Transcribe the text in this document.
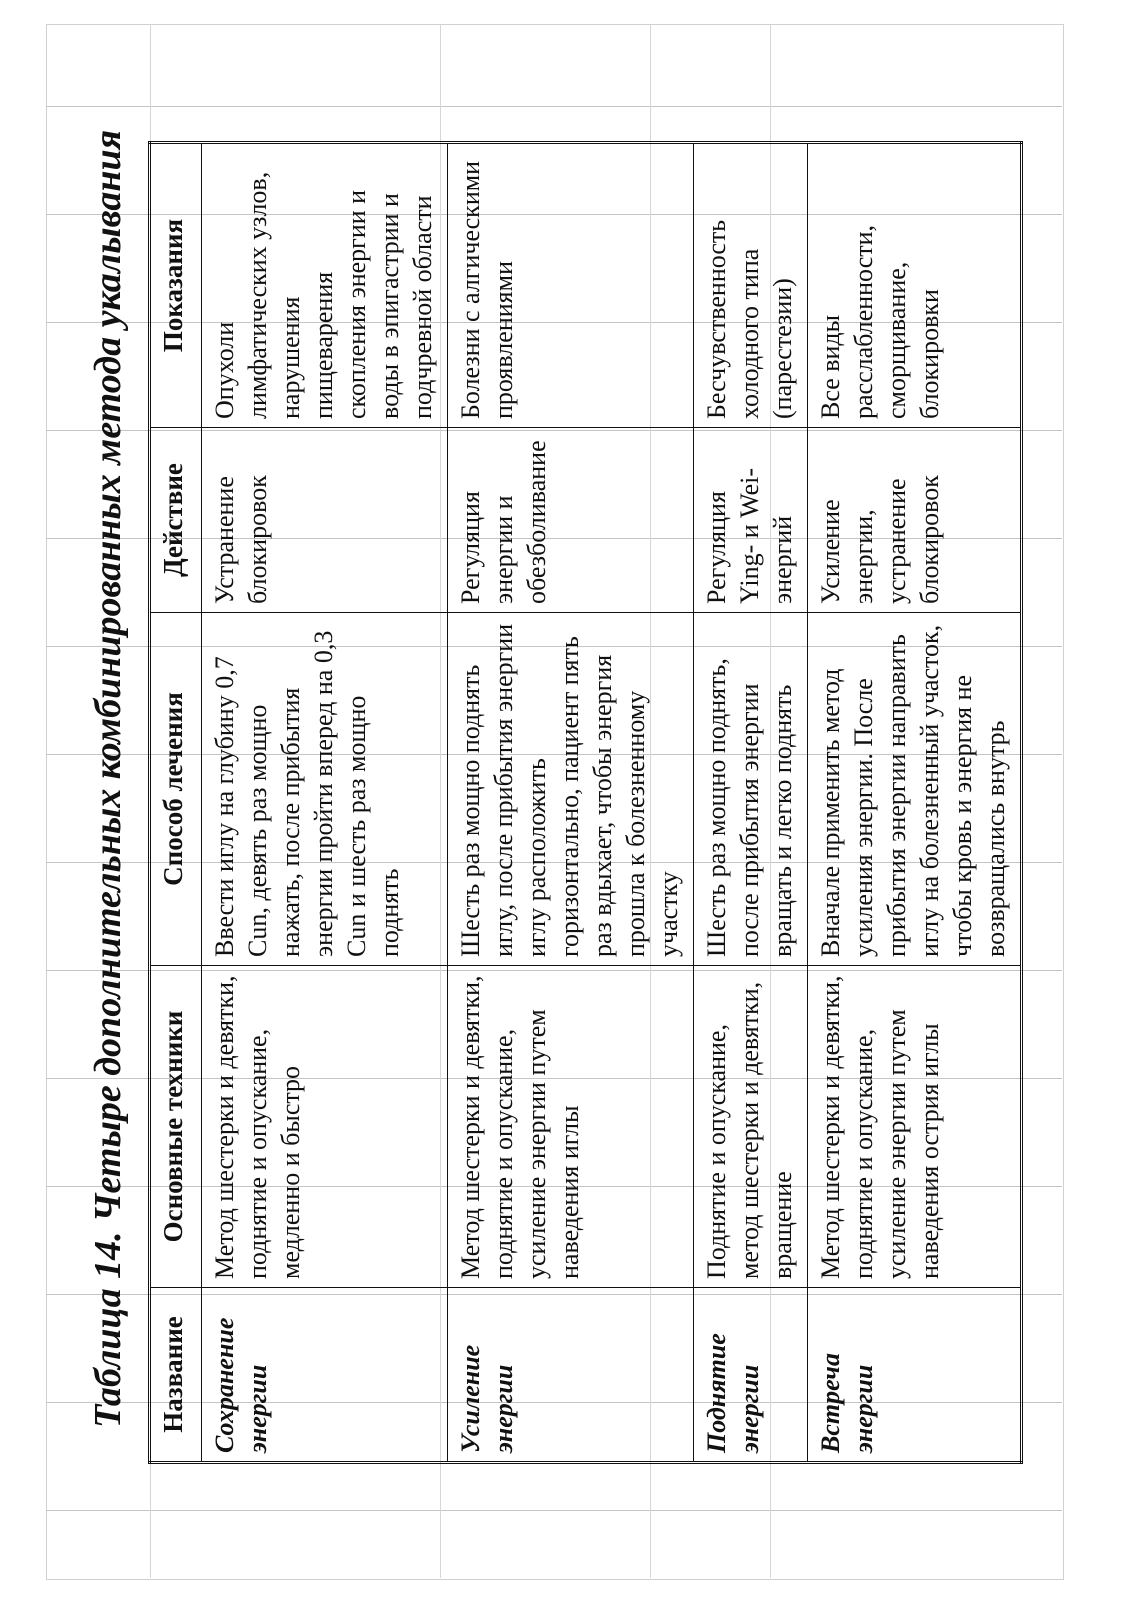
Таблица 14. Четыре дополнительных комбинированных метода укалывания Название	Основные техники	Способ лечения	Действие	Показания
Сохранение энергии	Метод шестерки и девятки, поднятие и опускание, медленно и быстро	Ввести иглу на глубину 0,7 Cun, девять раз мощно нажать, после прибытия энергии пройти вперед на 0,3 Cun и шесть раз мощно поднять	Устранение блокировок	Опухоли лимфатических узлов, нарушения пищеварения скопления энергии и воды в эпигастрии и подчревной области
Усиление энергии	Метод шестерки и девятки, поднятие и опускание, усиление энергии путем наведения иглы	Шесть раз мощно поднять иглу, после прибытия энергии иглу расположить горизонтально, пациент пять раз вдыхает, чтобы энергия прошла к болезненному участку	Регуляция энергии и обезболивание	Болезни с алгическими проявлениями
Поднятие энергии	Поднятие и опускание, метод шестерки и девятки, вращение	Шесть раз мощно поднять, после прибытия энергии вращать и легко поднять	Регуляция Ying- и Wei- энергий	Бесчувственность холодного типа (парестезии)
Встреча энергии	Метод шестерки и девятки, поднятие и опускание, усиление энергии путем наведения острия иглы	Вначале применить метод усиления энергии. После прибытия энергии направить иглу на болезненный участок, чтобы кровь и энергия не возвращались внутрь	Усиление энергии, устранение блокировок	Все виды расслабленности, сморщивание, блокировки
